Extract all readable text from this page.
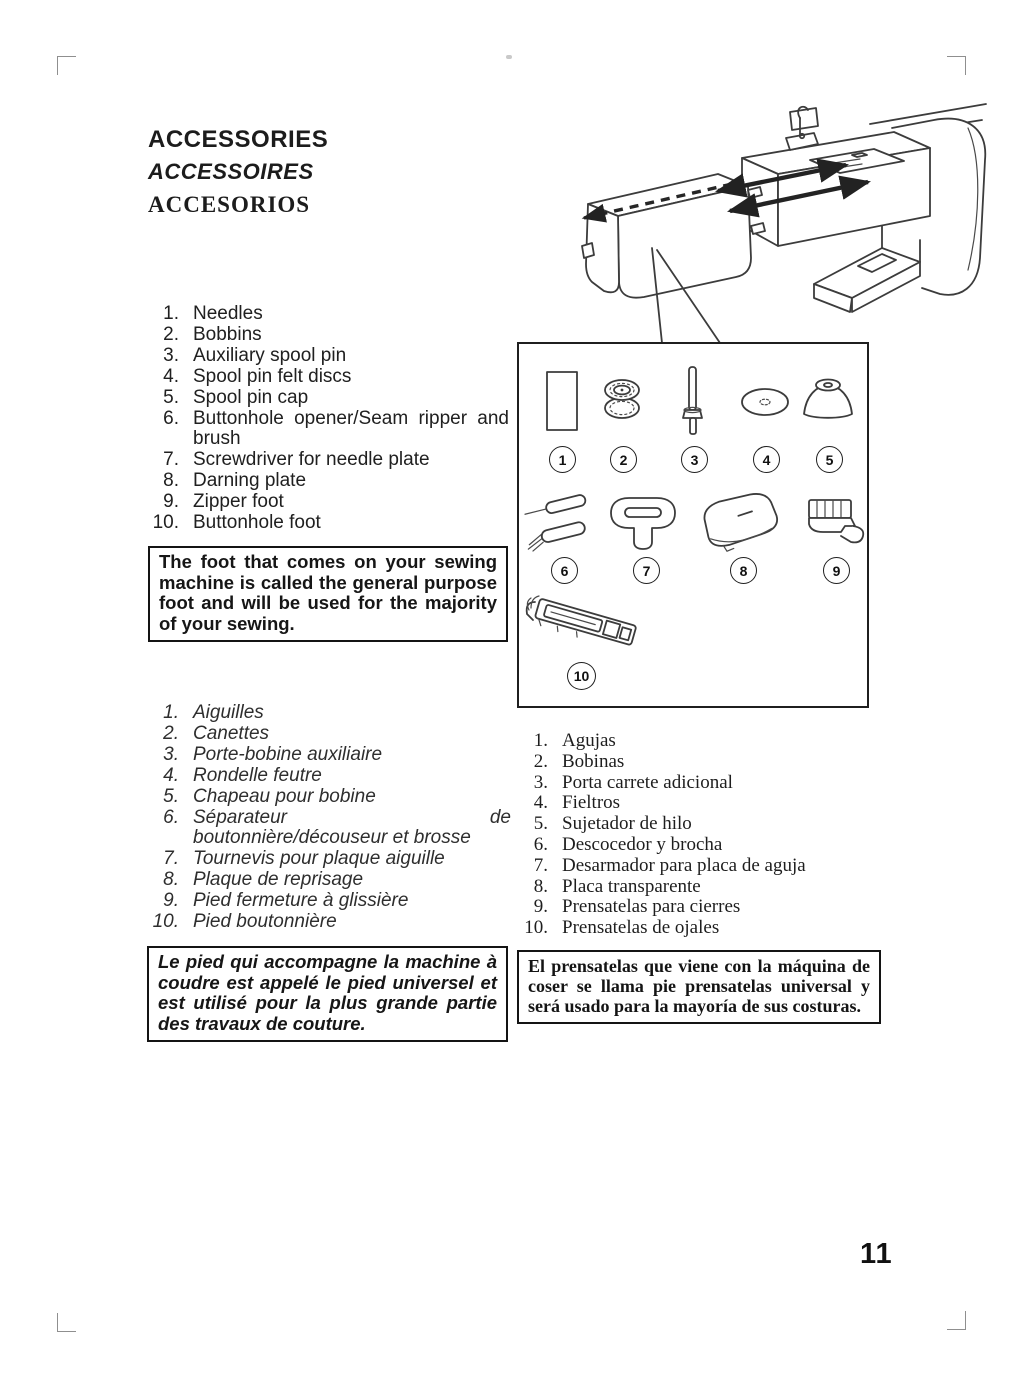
ACCESSORIES
ACCESSOIRES
ACCESORIOS
1	2	3	4	5
6	7	8	9
10
1. Needles
2. Bobbins
3. Auxiliary spool pin
4. Spool pin felt discs
5. Spool pin cap
6. Buttonhole opener/Seam ripper and brush
7. Screwdriver for needle plate
8. Darning plate
9. Zipper foot
10. Buttonhole foot
The foot that comes on your sewing machine is called the general purpose foot and will be used for the majority of your sewing.
1. Aiguilles
2. Canettes
3. Porte-bobine auxiliaire
4. Rondelle feutre
5. Chapeau pour bobine
6. Séparateur de boutonnière/découseur et brosse
7. Tournevis pour plaque aiguille
8. Plaque de reprisage
9. Pied fermeture à glissière
10. Pied boutonnière
Le pied qui accompagne la machine à coudre est appelé le pied universel et est utilisé pour la plus grande partie des travaux de couture.
1. Agujas
2. Bobinas
3. Porta carrete adicional
4. Fieltros
5. Sujetador de hilo
6. Descocedor y brocha
7. Desarmador para placa de aguja
8. Placa transparente
9. Prensatelas para cierres
10. Prensatelas de ojales
El prensatelas que viene con la máquina de coser se llama pie prensatelas universal y será usado para la mayoría de sus costuras.
11
